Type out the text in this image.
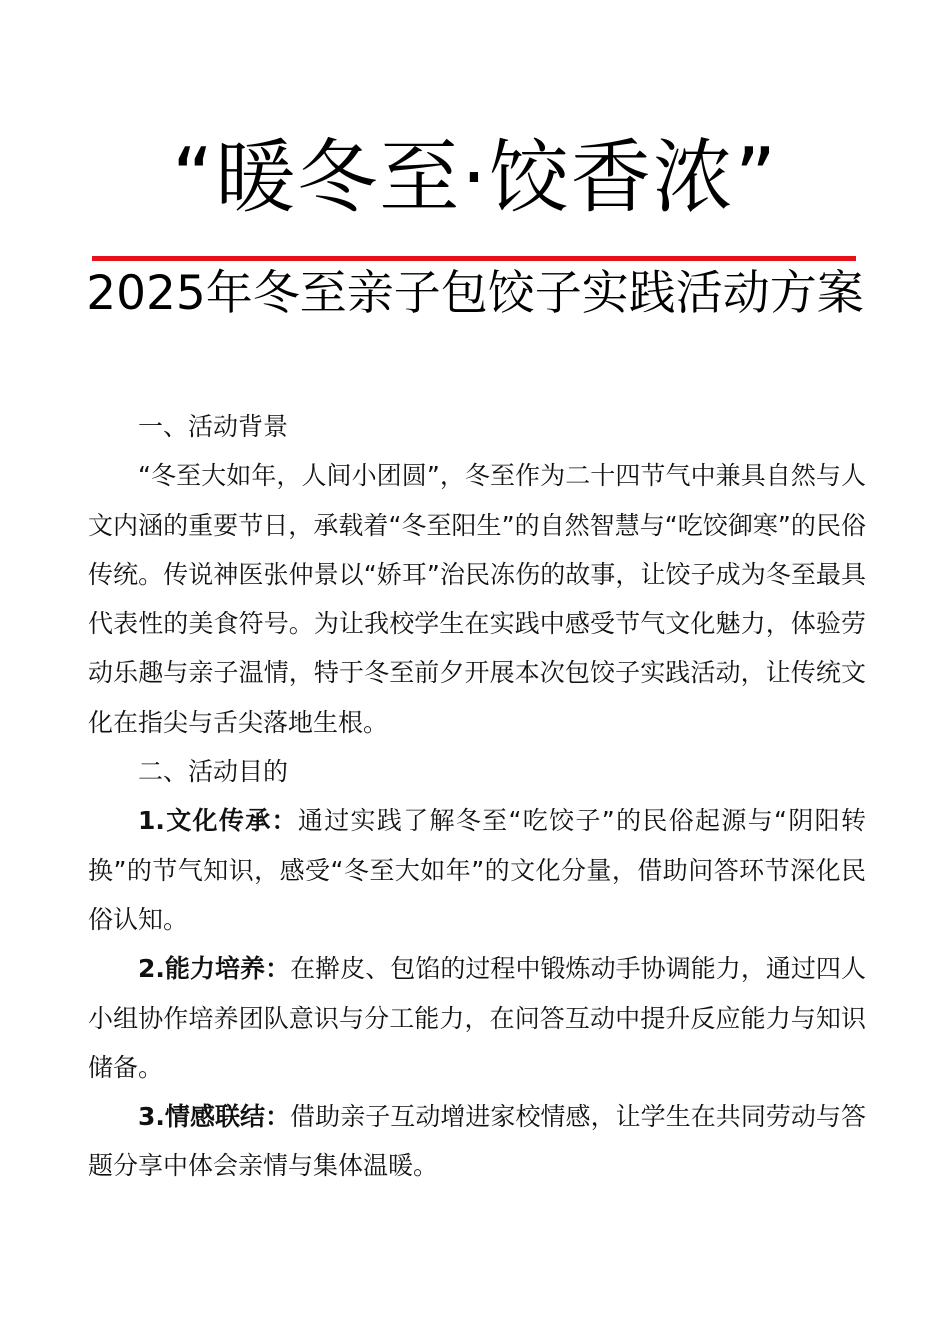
“暖冬至·饺香浓”
2025年冬至亲子包饺子实践活动方案

一、活动背景

“冬至大如年，人间小团圆”，冬至作为二十四节气中兼具自然与人文内涵的重要节日，承载着“冬至阳生”的自然智慧与“吃饺御寒”的民俗传统。传说神医张仲景以“娇耳”治民冻伤的故事，让饺子成为冬至最具代表性的美食符号。为让我校学生在实践中感受节气文化魅力，体验劳动乐趣与亲子温情，特于冬至前夕开展本次包饺子实践活动，让传统文化在指尖与舌尖落地生根。

二、活动目的

1.文化传承：通过实践了解冬至“吃饺子”的民俗起源与“阴阳转换”的节气知识，感受“冬至大如年”的文化分量，借助问答环节深化民俗认知。

2.能力培养：在擀皮、包馅的过程中锻炼动手协调能力，通过四人小组协作培养团队意识与分工能力，在问答互动中提升反应能力与知识储备。

3.情感联结：借助亲子互动增进家校情感，让学生在共同劳动与答题分享中体会亲情与集体温暖。
